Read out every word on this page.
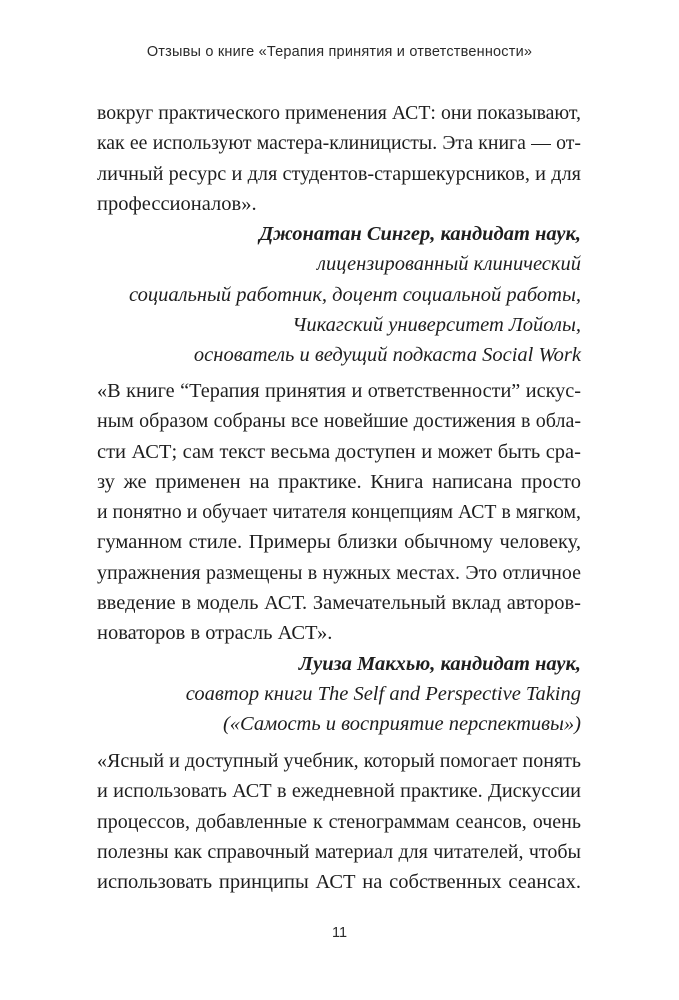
Отзывы о книге «Терапия принятия и ответственности»
вокруг практического применения АСТ: они показывают,
как ее используют мастера-клиницисты. Эта книга — от-
личный ресурс и для студентов-старшекурсников, и для
профессионалов».
Джонатан Сингер, кандидат наук,
лицензированный клинический
социальный работник, доцент социальной работы,
Чикагский университет Лойолы,
основатель и ведущий подкаста Social Work
«В книге “Терапия принятия и ответственности” искус-
ным образом собраны все новейшие достижения в обла-
сти АСТ; сам текст весьма доступен и может быть сра-
зу же применен на практике. Книга написана просто
и понятно и обучает читателя концепциям АСТ в мягком,
гуманном стиле. Примеры близки обычному человеку,
упражнения размещены в нужных местах. Это отличное
введение в модель АСТ. Замечательный вклад авторов-
новаторов в отрасль АСТ».
Луиза Макхью, кандидат наук,
соавтор книги The Self and Perspective Taking
(«Самость и восприятие перспективы»)
«Ясный и доступный учебник, который помогает понять
и использовать АСТ в ежедневной практике. Дискуссии
процессов, добавленные к стенограммам сеансов, очень
полезны как справочный материал для читателей, чтобы
использовать принципы АСТ на собственных сеансах.
11
